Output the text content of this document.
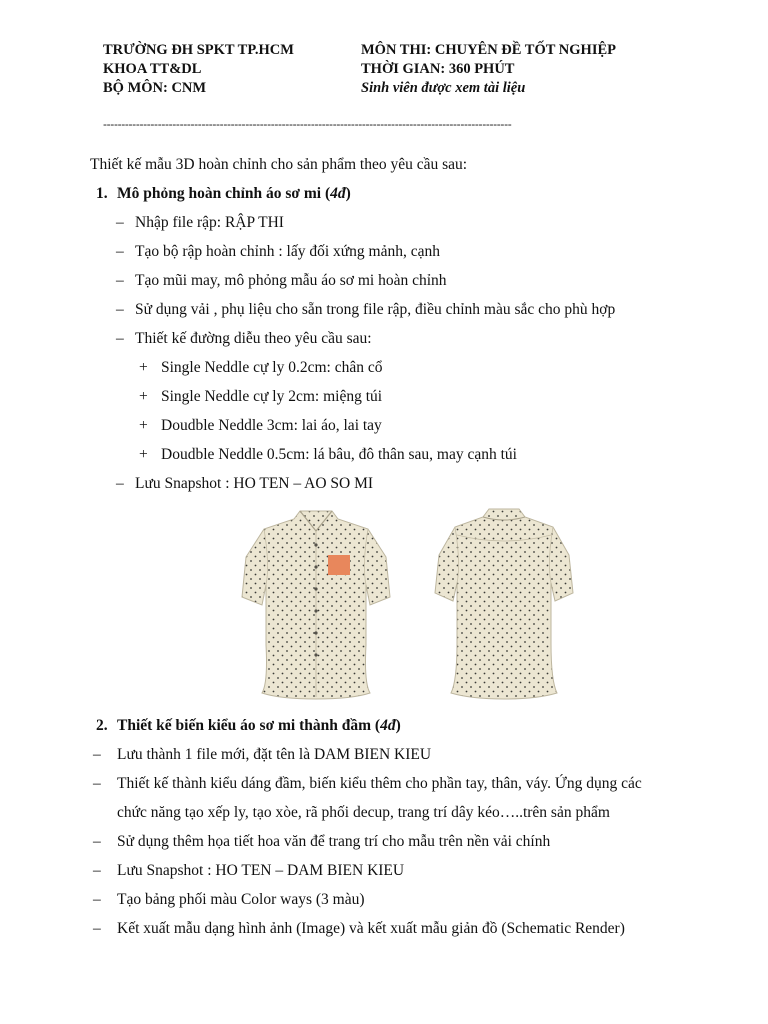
TRƯỜNG ĐH SPKT TP.HCM
KHOA TT&DL
BỘ MÔN: CNM
MÔN THI: CHUYÊN ĐỀ TỐT NGHIỆP
THỜI GIAN: 360 PHÚT
Sinh viên được xem tài liệu
----------------------------------------------------------------------------------------------------------------
Thiết kế mẫu 3D hoàn chỉnh cho sản phẩm theo yêu cầu sau:
1. Mô phỏng hoàn chỉnh áo sơ mi (4đ)
– Nhập file rập: RẬP THI
– Tạo bộ rập hoàn chỉnh : lấy đối xứng mảnh, cạnh
– Tạo mũi may, mô phỏng mẫu áo sơ mi hoàn chỉnh
– Sử dụng vải , phụ liệu cho sẵn trong file rập, điều chỉnh màu sắc cho phù hợp
– Thiết kế đường diễu theo yêu cầu sau:
+ Single Neddle cự ly 0.2cm: chân cổ
+ Single Neddle cự ly 2cm: miệng túi
+ Doudble Neddle 3cm: lai áo, lai tay
+ Doudble Neddle 0.5cm: lá bâu, đô thân sau, may cạnh túi
– Lưu Snapshot : HO TEN – AO SO MI
2. Thiết kế biến kiểu áo sơ mi thành đầm (4đ)
– Lưu thành 1 file mới, đặt tên là DAM BIEN KIEU
– Thiết kế thành kiểu dáng đầm, biến kiểu thêm cho phần tay, thân, váy. Ứng dụng các
chức năng tạo xếp ly, tạo xòe, rã phối decup, trang trí dây kéo…..trên sản phẩm
– Sử dụng thêm họa tiết hoa văn để trang trí cho mẫu trên nền vải chính
– Lưu Snapshot : HO TEN – DAM BIEN KIEU
– Tạo bảng phối màu Color ways (3 màu)
– Kết xuất mẫu dạng hình ảnh (Image) và kết xuất mẫu giản đồ (Schematic Render)
